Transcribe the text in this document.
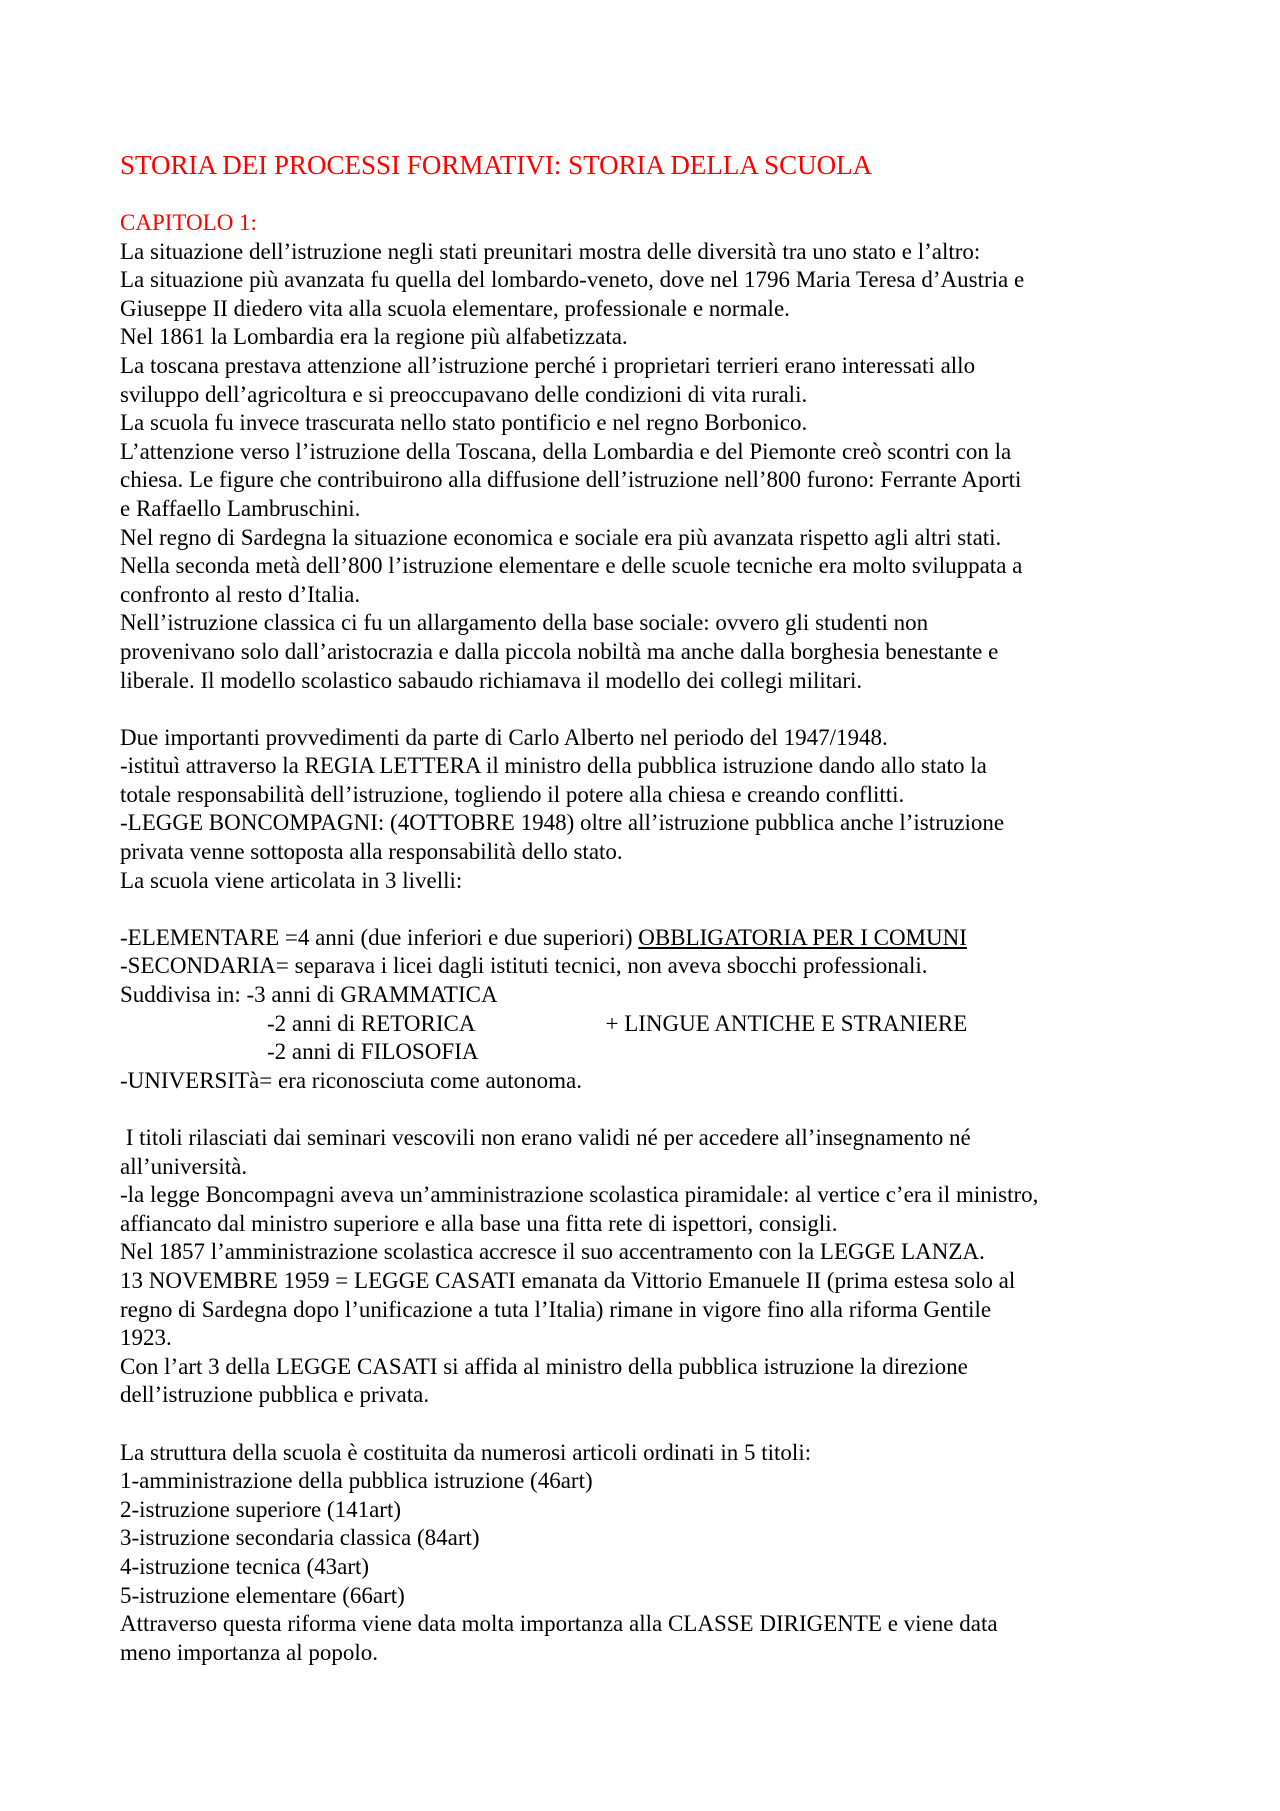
STORIA DEI PROCESSI FORMATIVI: STORIA DELLA SCUOLA
CAPITOLO 1:
La situazione dell’istruzione negli stati preunitari mostra delle diversità tra uno stato e l’altro:
La situazione più avanzata fu quella del lombardo-veneto, dove nel 1796 Maria Teresa d’Austria e
Giuseppe II diedero vita alla scuola elementare, professionale e normale.
Nel 1861 la Lombardia era la regione più alfabetizzata.
La toscana prestava attenzione all’istruzione perché i proprietari terrieri erano interessati allo
sviluppo dell’agricoltura e si preoccupavano delle condizioni di vita rurali.
La scuola fu invece trascurata nello stato pontificio e nel regno Borbonico.
L’attenzione verso l’istruzione della Toscana, della Lombardia e del Piemonte creò scontri con la
chiesa. Le figure che contribuirono alla diffusione dell’istruzione nell’800 furono: Ferrante Aporti
e Raffaello Lambruschini.
Nel regno di Sardegna la situazione economica e sociale era più avanzata rispetto agli altri stati.
Nella seconda metà dell’800 l’istruzione elementare e delle scuole tecniche era molto sviluppata a
confronto al resto d’Italia.
Nell’istruzione classica ci fu un allargamento della base sociale: ovvero gli studenti non
provenivano solo dall’aristocrazia e dalla piccola nobiltà ma anche dalla borghesia benestante e
liberale. Il modello scolastico sabaudo richiamava il modello dei collegi militari.
Due importanti provvedimenti da parte di Carlo Alberto nel periodo del 1947/1948.
-istituì attraverso la REGIA LETTERA il ministro della pubblica istruzione dando allo stato la
totale responsabilità dell’istruzione, togliendo il potere alla chiesa e creando conflitti.
-LEGGE BONCOMPAGNI: (4OTTOBRE 1948) oltre all’istruzione pubblica anche l’istruzione
privata venne sottoposta alla responsabilità dello stato.
La scuola viene articolata in 3 livelli:
-ELEMENTARE =4 anni (due inferiori e due superiori) OBBLIGATORIA PER I COMUNI
-SECONDARIA= separava i licei dagli istituti tecnici, non aveva sbocchi professionali.
Suddivisa in: -3 anni di GRAMMATICA
-2 anni di RETORICA	+ LINGUE ANTICHE E STRANIERE
-2 anni di FILOSOFIA
-UNIVERSITà= era riconosciuta come autonoma.
I titoli rilasciati dai seminari vescovili non erano validi né per accedere all’insegnamento né
all’università.
-la legge Boncompagni aveva un’amministrazione scolastica piramidale: al vertice c’era il ministro,
affiancato dal ministro superiore e alla base una fitta rete di ispettori, consigli.
Nel 1857 l’amministrazione scolastica accresce il suo accentramento con la LEGGE LANZA.
13 NOVEMBRE 1959 = LEGGE CASATI emanata da Vittorio Emanuele II (prima estesa solo al
regno di Sardegna dopo l’unificazione a tuta l’Italia) rimane in vigore fino alla riforma Gentile
1923.
Con l’art 3 della LEGGE CASATI si affida al ministro della pubblica istruzione la direzione
dell’istruzione pubblica e privata.
La struttura della scuola è costituita da numerosi articoli ordinati in 5 titoli:
1-amministrazione della pubblica istruzione (46art)
2-istruzione superiore (141art)
3-istruzione secondaria classica (84art)
4-istruzione tecnica (43art)
5-istruzione elementare (66art)
Attraverso questa riforma viene data molta importanza alla CLASSE DIRIGENTE e viene data
meno importanza al popolo.
